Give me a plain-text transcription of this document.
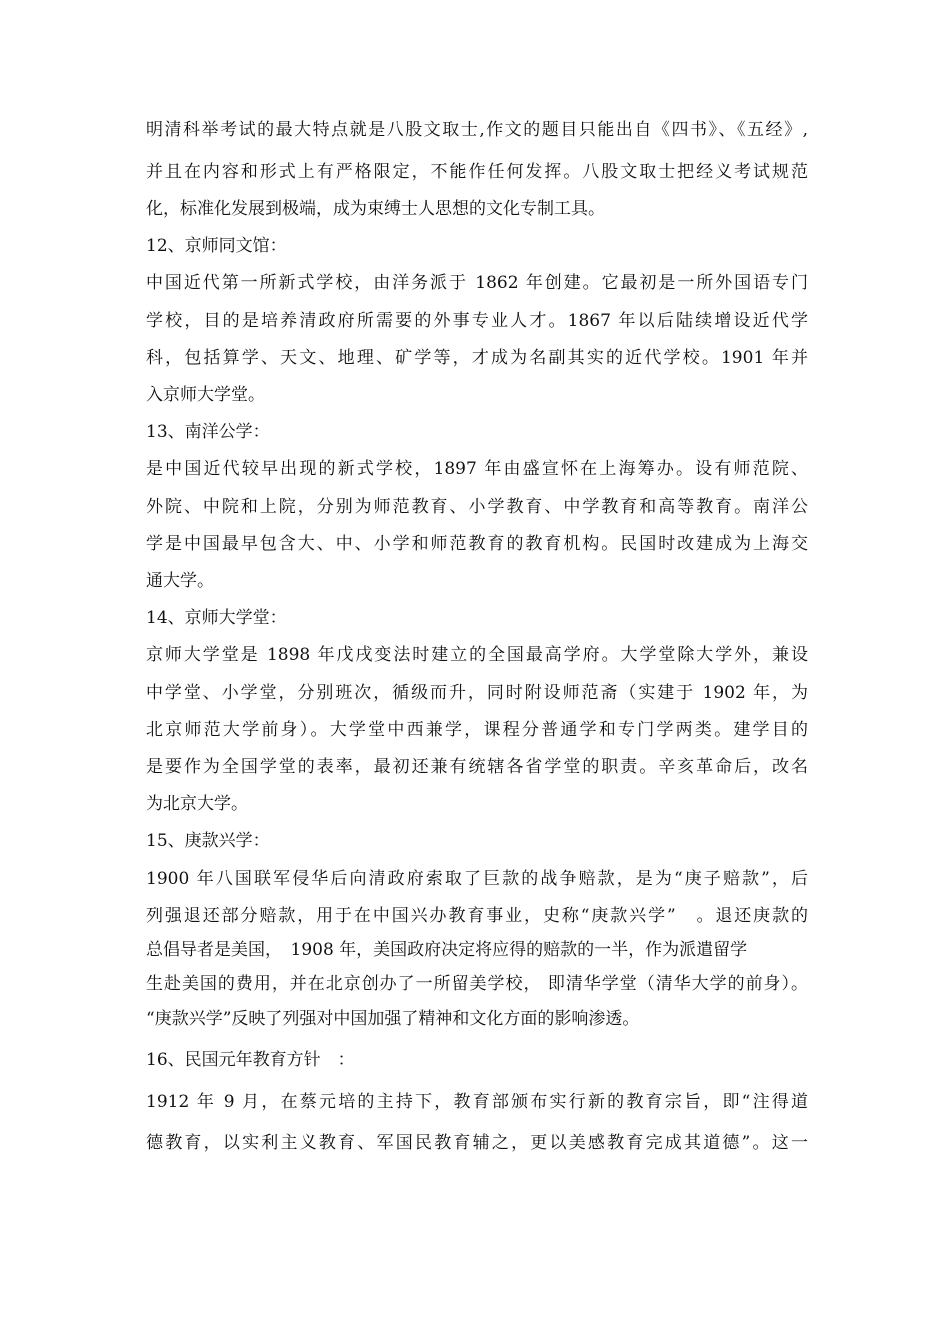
明清科举考试的最大特点就是八股文取士,作文的题目只能出自《四书》、《五经》,
并且在内容和形式上有严格限定，不能作任何发挥。八股文取士把经义考试规范
化，标准化发展到极端，成为束缚士人思想的文化专制工具。
12、京师同文馆：
中国近代第一所新式学校，由洋务派于 1862 年创建。它最初是一所外国语专门
学校，目的是培养清政府所需要的外事专业人才。1867 年以后陆续增设近代学
科，包括算学、天文、地理、矿学等，才成为名副其实的近代学校。1901 年并
入京师大学堂。
13、南洋公学：
是中国近代较早出现的新式学校，1897 年由盛宣怀在上海筹办。设有师范院、
外院、中院和上院，分别为师范教育、小学教育、中学教育和高等教育。南洋公
学是中国最早包含大、中、小学和师范教育的教育机构。民国时改建成为上海交
通大学。
14、京师大学堂：
京师大学堂是 1898 年戊戌变法时建立的全国最高学府。大学堂除大学外，兼设
中学堂、小学堂，分别班次，循级而升，同时附设师范斋（实建于 1902 年，为
北京师范大学前身）。大学堂中西兼学，课程分普通学和专门学两类。建学目的
是要作为全国学堂的表率，最初还兼有统辖各省学堂的职责。辛亥革命后，改名
为北京大学。
15、庚款兴学：
1900 年八国联军侵华后向清政府索取了巨款的战争赔款，是为“庚子赔款”，后
列强退还部分赔款，用于在中国兴办教育事业，史称“庚款兴学”　。退还庚款的
总倡导者是美国，　1908 年，美国政府决定将应得的赔款的一半，作为派遣留学
生赴美国的费用，并在北京创办了一所留美学校， 即清华学堂（清华大学的前身）。
“庚款兴学”反映了列强对中国加强了精神和文化方面的影响渗透。
16、民国元年教育方针　：
1912 年 9 月，在蔡元培的主持下，教育部颁布实行新的教育宗旨，即“注得道
德教育，以实利主义教育、军国民教育辅之，更以美感教育完成其道德”。这一
